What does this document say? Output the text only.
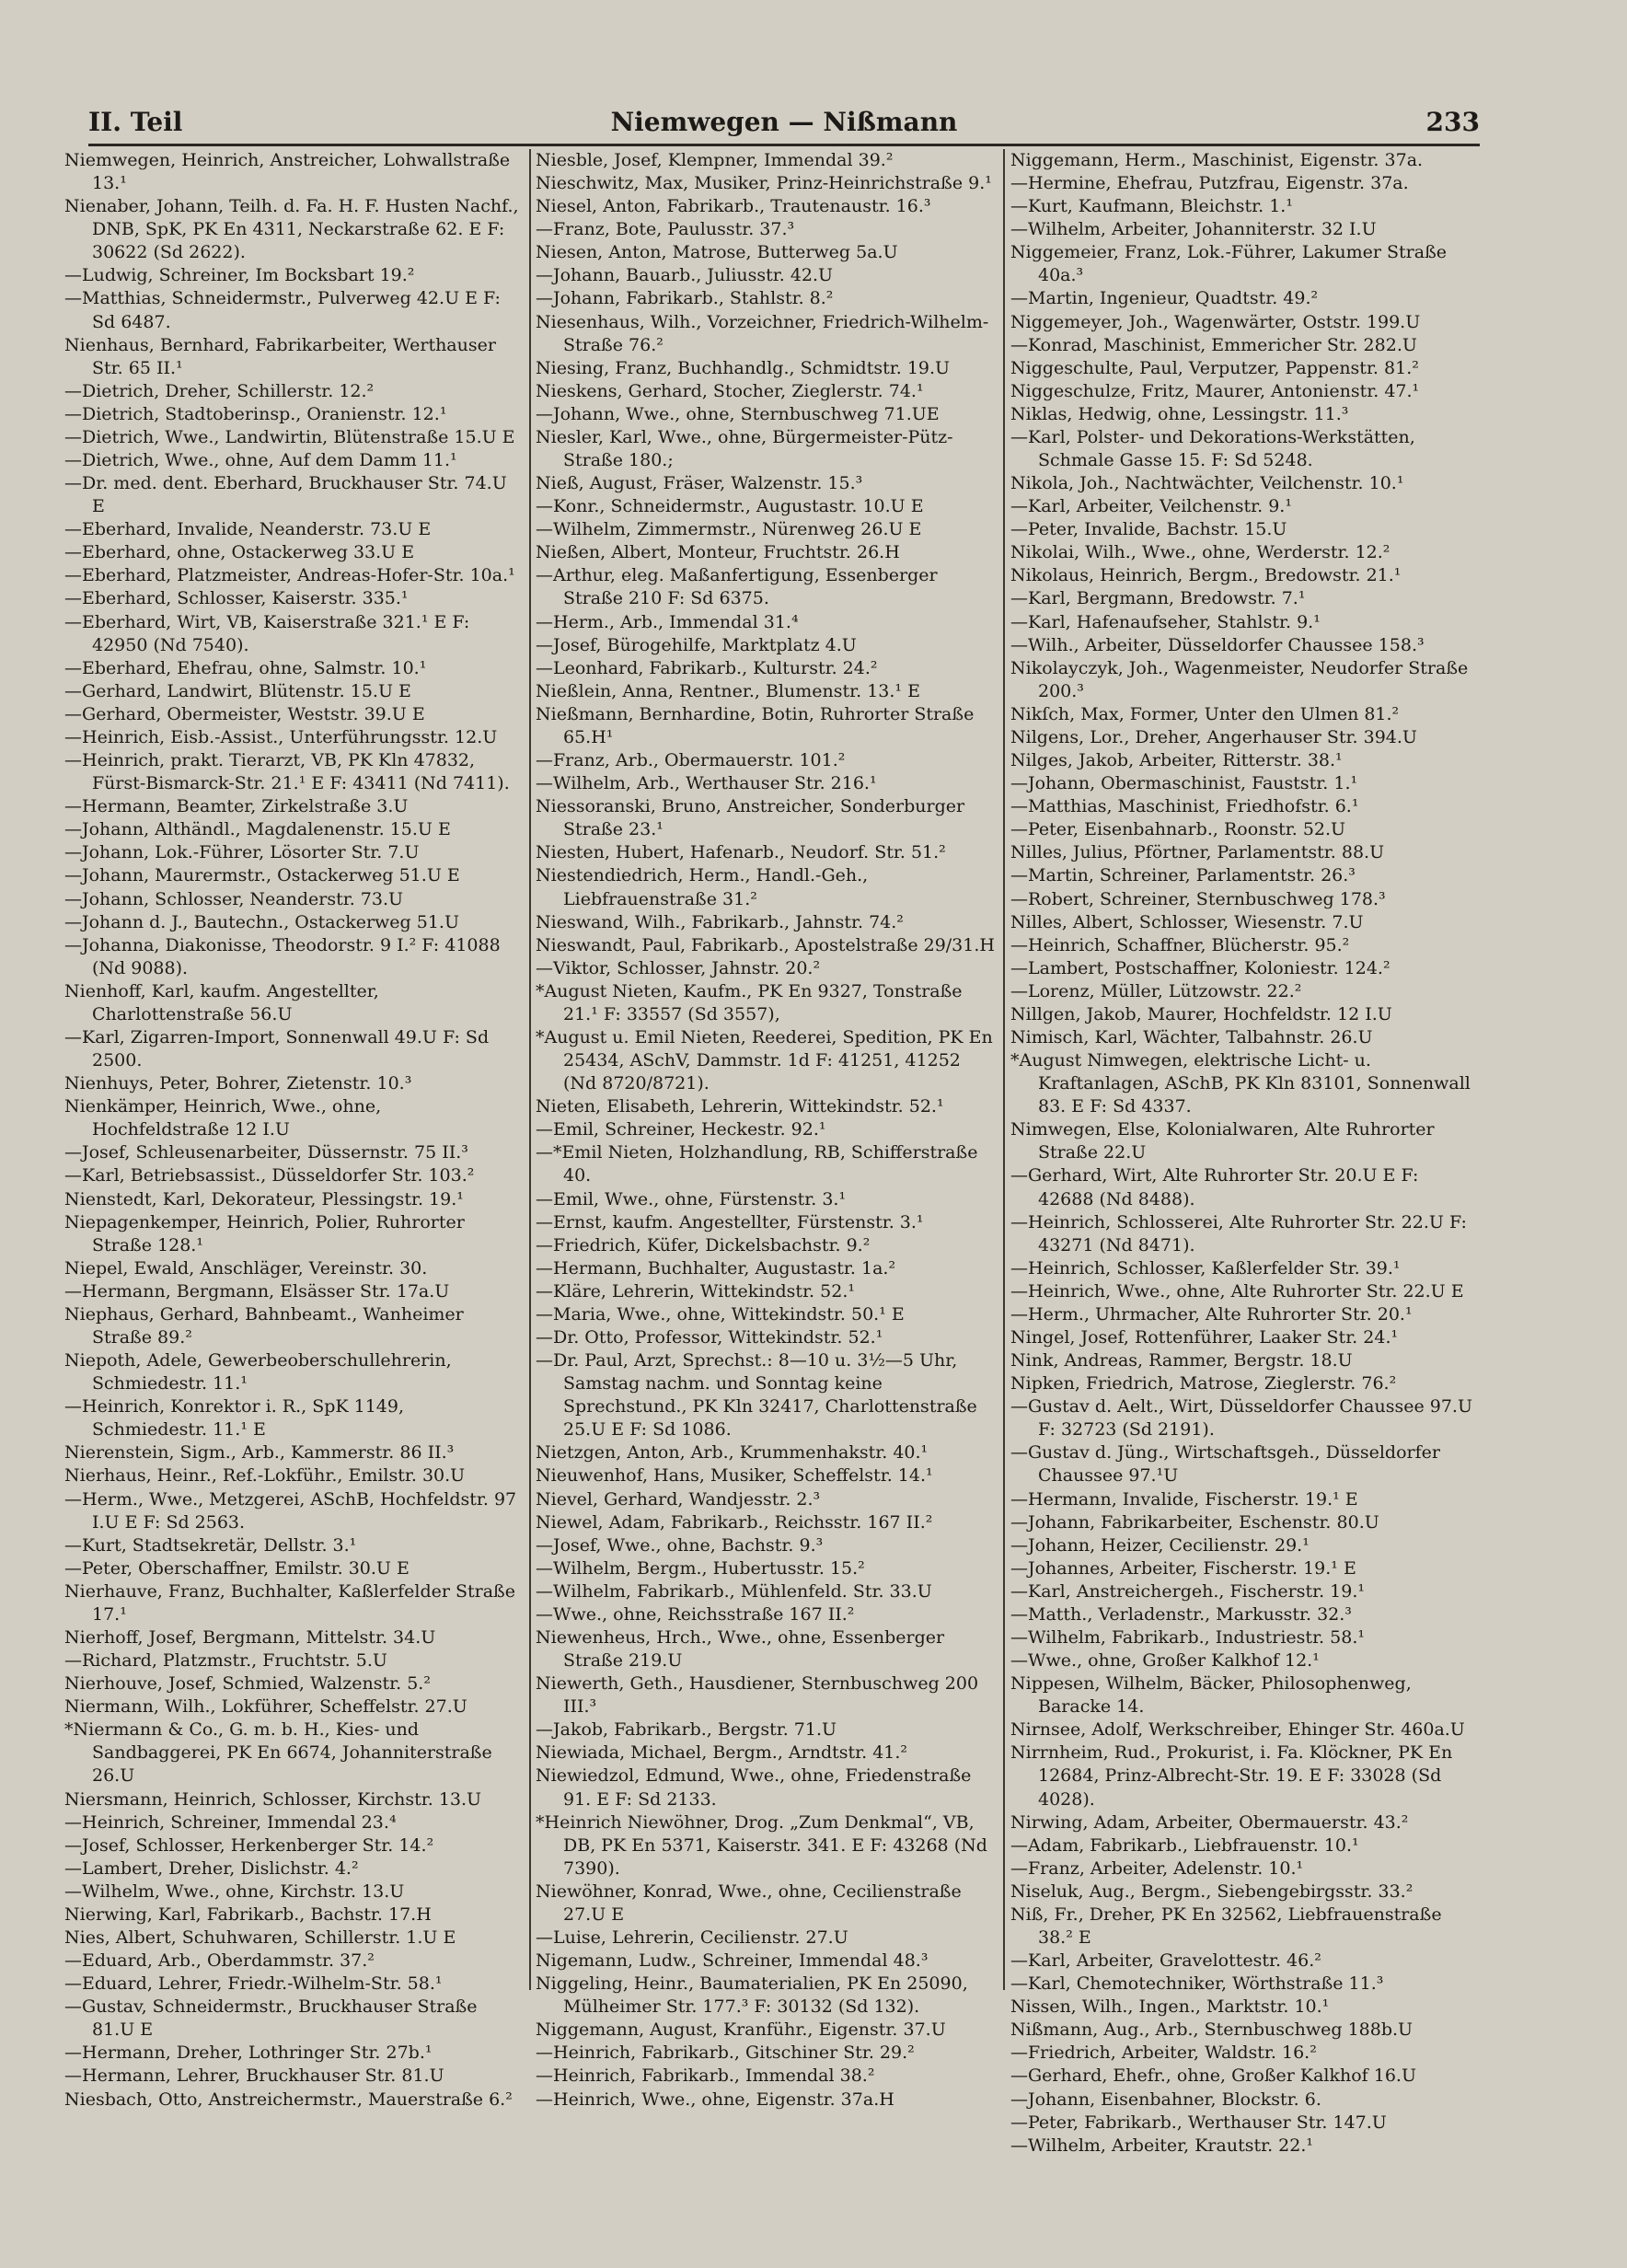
II. Teil	Niemwegen — Nißmann	233
Niemwegen, Heinrich, Anstreicher, Lohwallstraße 13.¹
Nienaber, Johann, Teilh. d. Fa. H. F. Husten Nachf., DNB, SpK, PK En 4311, Neckarstraße 62. E F: 30622 (Sd 2622).
—Ludwig, Schreiner, Im Bocksbart 19.²
—Matthias, Schneidermstr., Pulverweg 42.U E F: Sd 6487.
Nienhaus, Bernhard, Fabrikarbeiter, Werthauser Str. 65 II.¹
—Dietrich, Dreher, Schillerstr. 12.²
—Dietrich, Stadtoberinsp., Oranienstr. 12.¹
—Dietrich, Wwe., Landwirtin, Blütenstraße 15.U E
—Dietrich, Wwe., ohne, Auf dem Damm 11.¹
—Dr. med. dent. Eberhard, Bruckhauser Str. 74.U E
—Eberhard, Invalide, Neanderstr. 73.U E
—Eberhard, ohne, Ostackerweg 33.U E
—Eberhard, Platzmeister, Andreas-Hofer-Str. 10a.¹
—Eberhard, Schlosser, Kaiserstr. 335.¹
—Eberhard, Wirt, VB, Kaiserstraße 321.¹ E F: 42950 (Nd 7540).
—Eberhard, Ehefrau, ohne, Salmstr. 10.¹
—Gerhard, Landwirt, Blütenstr. 15.U E
—Gerhard, Obermeister, Weststr. 39.U E
—Heinrich, Eisb.-Assist., Unterführungsstr. 12.U
—Heinrich, prakt. Tierarzt, VB, PK Kln 47832, Fürst-Bismarck-Str. 21.¹ E F: 43411 (Nd 7411).
—Hermann, Beamter, Zirkelstraße 3.U
—Johann, Althändl., Magdalenenstr. 15.U E
—Johann, Lok.-Führer, Lösorter Str. 7.U
—Johann, Maurermstr., Ostackerweg 51.U E
—Johann, Schlosser, Neanderstr. 73.U
—Johann d. J., Bautechn., Ostackerweg 51.U
—Johanna, Diakonisse, Theodorstr. 9 I.² F: 41088 (Nd 9088).
Nienhoff, Karl, kaufm. Angestellter, Charlottenstraße 56.U
—Karl, Zigarren-Import, Sonnenwall 49.U F: Sd 2500.
Nienhuys, Peter, Bohrer, Zietenstr. 10.³
Nienkämper, Heinrich, Wwe., ohne, Hochfeldstraße 12 I.U
—Josef, Schleusenarbeiter, Düssernstr. 75 II.³
—Karl, Betriebsassist., Düsseldorfer Str. 103.²
Nienstedt, Karl, Dekorateur, Plessingstr. 19.¹
Niepagenkemper, Heinrich, Polier, Ruhrorter Straße 128.¹
Niepel, Ewald, Anschläger, Vereinstr. 30.
—Hermann, Bergmann, Elsässer Str. 17a.U
Niephaus, Gerhard, Bahnbeamt., Wanheimer Straße 89.²
Niepoth, Adele, Gewerbeoberschullehrerin, Schmiedestr. 11.¹
—Heinrich, Konrektor i. R., SpK 1149, Schmiedestr. 11.¹ E
Nierenstein, Sigm., Arb., Kammerstr. 86 II.³
Nierhaus, Heinr., Ref.-Lokführ., Emilstr. 30.U
—Herm., Wwe., Metzgerei, ASchB, Hochfeldstr. 97 I.U E F: Sd 2563.
—Kurt, Stadtsekretär, Dellstr. 3.¹
—Peter, Oberschaffner, Emilstr. 30.U E
Nierhauve, Franz, Buchhalter, Kaßlerfelder Straße 17.¹
Nierhoff, Josef, Bergmann, Mittelstr. 34.U
—Richard, Platzmstr., Fruchtstr. 5.U
Nierhouve, Josef, Schmied, Walzenstr. 5.²
Niermann, Wilh., Lokführer, Scheffelstr. 27.U
*Niermann & Co., G. m. b. H., Kies- und Sandbaggerei, PK En 6674, Johanniterstraße 26.U
Niersmann, Heinrich, Schlosser, Kirchstr. 13.U
—Heinrich, Schreiner, Immendal 23.⁴
—Josef, Schlosser, Herkenberger Str. 14.²
—Lambert, Dreher, Dislichstr. 4.²
—Wilhelm, Wwe., ohne, Kirchstr. 13.U
Nierwing, Karl, Fabrikarb., Bachstr. 17.H
Nies, Albert, Schuhwaren, Schillerstr. 1.U E
—Eduard, Arb., Oberdammstr. 37.²
—Eduard, Lehrer, Friedr.-Wilhelm-Str. 58.¹
—Gustav, Schneidermstr., Bruckhauser Straße 81.U E
—Hermann, Dreher, Lothringer Str. 27b.¹
—Hermann, Lehrer, Bruckhauser Str. 81.U
Niesbach, Otto, Anstreichermstr., Mauerstraße 6.²
Niesble, Josef, Klempner, Immendal 39.²
Nieschwitz, Max, Musiker, Prinz-Heinrichstraße 9.¹
Niesel, Anton, Fabrikarb., Trautenaustr. 16.³
—Franz, Bote, Paulusstr. 37.³
Niesen, Anton, Matrose, Butterweg 5a.U
—Johann, Bauarb., Juliusstr. 42.U
—Johann, Fabrikarb., Stahlstr. 8.²
Niesenhaus, Wilh., Vorzeichner, Friedrich-Wilhelm-Straße 76.²
Niesing, Franz, Buchhandlg., Schmidtstr. 19.U
Nieskens, Gerhard, Stocher, Zieglerstr. 74.¹
—Johann, Wwe., ohne, Sternbuschweg 71.UE
Niesler, Karl, Wwe., ohne, Bürgermeister-Pütz-Straße 180.;
Nieß, August, Fräser, Walzenstr. 15.³
—Konr., Schneidermstr., Augustastr. 10.U E
—Wilhelm, Zimmermstr., Nürenweg 26.U E
Nießen, Albert, Monteur, Fruchtstr. 26.H
—Arthur, eleg. Maßanfertigung, Essenberger Straße 210 F: Sd 6375.
—Herm., Arb., Immendal 31.⁴
—Josef, Bürogehilfe, Marktplatz 4.U
—Leonhard, Fabrikarb., Kulturstr. 24.²
Nießlein, Anna, Rentner., Blumenstr. 13.¹ E
Nießmann, Bernhardine, Botin, Ruhrorter Straße 65.H¹
—Franz, Arb., Obermauerstr. 101.²
—Wilhelm, Arb., Werthauser Str. 216.¹
Niessoranski, Bruno, Anstreicher, Sonderburger Straße 23.¹
Niesten, Hubert, Hafenarb., Neudorf. Str. 51.²
Niestendiedrich, Herm., Handl.-Geh., Liebfrauenstraße 31.²
Nieswand, Wilh., Fabrikarb., Jahnstr. 74.²
Nieswandt, Paul, Fabrikarb., Apostelstraße 29/31.H
—Viktor, Schlosser, Jahnstr. 20.²
*August Nieten, Kaufm., PK En 9327, Tonstraße 21.¹ F: 33557 (Sd 3557),
*August u. Emil Nieten, Reederei, Spedition, PK En 25434, ASchV, Dammstr. 1d F: 41251, 41252 (Nd 8720/8721).
Nieten, Elisabeth, Lehrerin, Wittekindstr. 52.¹
—Emil, Schreiner, Heckestr. 92.¹
—*Emil Nieten, Holzhandlung, RB, Schifferstraße 40.
—Emil, Wwe., ohne, Fürstenstr. 3.¹
—Ernst, kaufm. Angestellter, Fürstenstr. 3.¹
—Friedrich, Küfer, Dickelsbachstr. 9.²
—Hermann, Buchhalter, Augustastr. 1a.²
—Kläre, Lehrerin, Wittekindstr. 52.¹
—Maria, Wwe., ohne, Wittekindstr. 50.¹ E
—Dr. Otto, Professor, Wittekindstr. 52.¹
—Dr. Paul, Arzt, Sprechst.: 8—10 u. 3½—5 Uhr, Samstag nachm. und Sonntag keine Sprechstund., PK Kln 32417, Charlottenstraße 25.U E F: Sd 1086.
Nietzgen, Anton, Arb., Krummenhakstr. 40.¹
Nieuwenhof, Hans, Musiker, Scheffelstr. 14.¹
Nievel, Gerhard, Wandjesstr. 2.³
Niewel, Adam, Fabrikarb., Reichsstr. 167 II.²
—Josef, Wwe., ohne, Bachstr. 9.³
—Wilhelm, Bergm., Hubertusstr. 15.²
—Wilhelm, Fabrikarb., Mühlenfeld. Str. 33.U
—Wwe., ohne, Reichsstraße 167 II.²
Niewenheus, Hrch., Wwe., ohne, Essenberger Straße 219.U
Niewerth, Geth., Hausdiener, Sternbuschweg 200 III.³
—Jakob, Fabrikarb., Bergstr. 71.U
Niewiada, Michael, Bergm., Arndtstr. 41.²
Niewiedzol, Edmund, Wwe., ohne, Friedenstraße 91. E F: Sd 2133.
*Heinrich Niewöhner, Drog. „Zum Denkmal“, VB, DB, PK En 5371, Kaiserstr. 341. E F: 43268 (Nd 7390).
Niewöhner, Konrad, Wwe., ohne, Cecilienstraße 27.U E
—Luise, Lehrerin, Cecilienstr. 27.U
Nigemann, Ludw., Schreiner, Immendal 48.³
Niggeling, Heinr., Baumaterialien, PK En 25090, Mülheimer Str. 177.³ F: 30132 (Sd 132).
Niggemann, August, Kranführ., Eigenstr. 37.U
—Heinrich, Fabrikarb., Gitschiner Str. 29.²
—Heinrich, Fabrikarb., Immendal 38.²
—Heinrich, Wwe., ohne, Eigenstr. 37a.H
Niggemann, Herm., Maschinist, Eigenstr. 37a.
—Hermine, Ehefrau, Putzfrau, Eigenstr. 37a.
—Kurt, Kaufmann, Bleichstr. 1.¹
—Wilhelm, Arbeiter, Johanniterstr. 32 I.U
Niggemeier, Franz, Lok.-Führer, Lakumer Straße 40a.³
—Martin, Ingenieur, Quadtstr. 49.²
Niggemeyer, Joh., Wagenwärter, Oststr. 199.U
—Konrad, Maschinist, Emmericher Str. 282.U
Niggeschulte, Paul, Verputzer, Pappenstr. 81.²
Niggeschulze, Fritz, Maurer, Antonienstr. 47.¹
Niklas, Hedwig, ohne, Lessingstr. 11.³
—Karl, Polster- und Dekorations-Werkstätten, Schmale Gasse 15. F: Sd 5248.
Nikola, Joh., Nachtwächter, Veilchenstr. 10.¹
—Karl, Arbeiter, Veilchenstr. 9.¹
—Peter, Invalide, Bachstr. 15.U
Nikolai, Wilh., Wwe., ohne, Werderstr. 12.²
Nikolaus, Heinrich, Bergm., Bredowstr. 21.¹
—Karl, Bergmann, Bredowstr. 7.¹
—Karl, Hafenaufseher, Stahlstr. 9.¹
—Wilh., Arbeiter, Düsseldorfer Chaussee 158.³
Nikolayczyk, Joh., Wagenmeister, Neudorfer Straße 200.³
Nikſch, Max, Former, Unter den Ulmen 81.²
Nilgens, Lor., Dreher, Angerhauser Str. 394.U
Nilges, Jakob, Arbeiter, Ritterstr. 38.¹
—Johann, Obermaschinist, Fauststr. 1.¹
—Matthias, Maschinist, Friedhofstr. 6.¹
—Peter, Eisenbahnarb., Roonstr. 52.U
Nilles, Julius, Pförtner, Parlamentstr. 88.U
—Martin, Schreiner, Parlamentstr. 26.³
—Robert, Schreiner, Sternbuschweg 178.³
Nilles, Albert, Schlosser, Wiesenstr. 7.U
—Heinrich, Schaffner, Blücherstr. 95.²
—Lambert, Postschaffner, Koloniestr. 124.²
—Lorenz, Müller, Lützowstr. 22.²
Nillgen, Jakob, Maurer, Hochfeldstr. 12 I.U
Nimisch, Karl, Wächter, Talbahnstr. 26.U
*August Nimwegen, elektrische Licht- u. Kraftanlagen, ASchB, PK Kln 83101, Sonnenwall 83. E F: Sd 4337.
Nimwegen, Else, Kolonialwaren, Alte Ruhrorter Straße 22.U
—Gerhard, Wirt, Alte Ruhrorter Str. 20.U E F: 42688 (Nd 8488).
—Heinrich, Schlosserei, Alte Ruhrorter Str. 22.U F: 43271 (Nd 8471).
—Heinrich, Schlosser, Kaßlerfelder Str. 39.¹
—Heinrich, Wwe., ohne, Alte Ruhrorter Str. 22.U E
—Herm., Uhrmacher, Alte Ruhrorter Str. 20.¹
Ningel, Josef, Rottenführer, Laaker Str. 24.¹
Nink, Andreas, Rammer, Bergstr. 18.U
Nipken, Friedrich, Matrose, Zieglerstr. 76.²
—Gustav d. Aelt., Wirt, Düsseldorfer Chaussee 97.U F: 32723 (Sd 2191).
—Gustav d. Jüng., Wirtschaftsgeh., Düsseldorfer Chaussee 97.¹U
—Hermann, Invalide, Fischerstr. 19.¹ E
—Johann, Fabrikarbeiter, Eschenstr. 80.U
—Johann, Heizer, Cecilienstr. 29.¹
—Johannes, Arbeiter, Fischerstr. 19.¹ E
—Karl, Anstreichergeh., Fischerstr. 19.¹
—Matth., Verladenstr., Markusstr. 32.³
—Wilhelm, Fabrikarb., Industriestr. 58.¹
—Wwe., ohne, Großer Kalkhof 12.¹
Nippesen, Wilhelm, Bäcker, Philosophenweg, Baracke 14.
Nirnsee, Adolf, Werkschreiber, Ehinger Str. 460a.U
Nirrnheim, Rud., Prokurist, i. Fa. Klöckner, PK En 12684, Prinz-Albrecht-Str. 19. E F: 33028 (Sd 4028).
Nirwing, Adam, Arbeiter, Obermauerstr. 43.²
—Adam, Fabrikarb., Liebfrauenstr. 10.¹
—Franz, Arbeiter, Adelenstr. 10.¹
Niseluk, Aug., Bergm., Siebengebirgsstr. 33.²
Niß, Fr., Dreher, PK En 32562, Liebfrauenstraße 38.² E
—Karl, Arbeiter, Gravelottestr. 46.²
—Karl, Chemotechniker, Wörthstraße 11.³
Nissen, Wilh., Ingen., Marktstr. 10.¹
Nißmann, Aug., Arb., Sternbuschweg 188b.U
—Friedrich, Arbeiter, Waldstr. 16.²
—Gerhard, Ehefr., ohne, Großer Kalkhof 16.U
—Johann, Eisenbahner, Blockstr. 6.
—Peter, Fabrikarb., Werthauser Str. 147.U
—Wilhelm, Arbeiter, Krautstr. 22.¹
